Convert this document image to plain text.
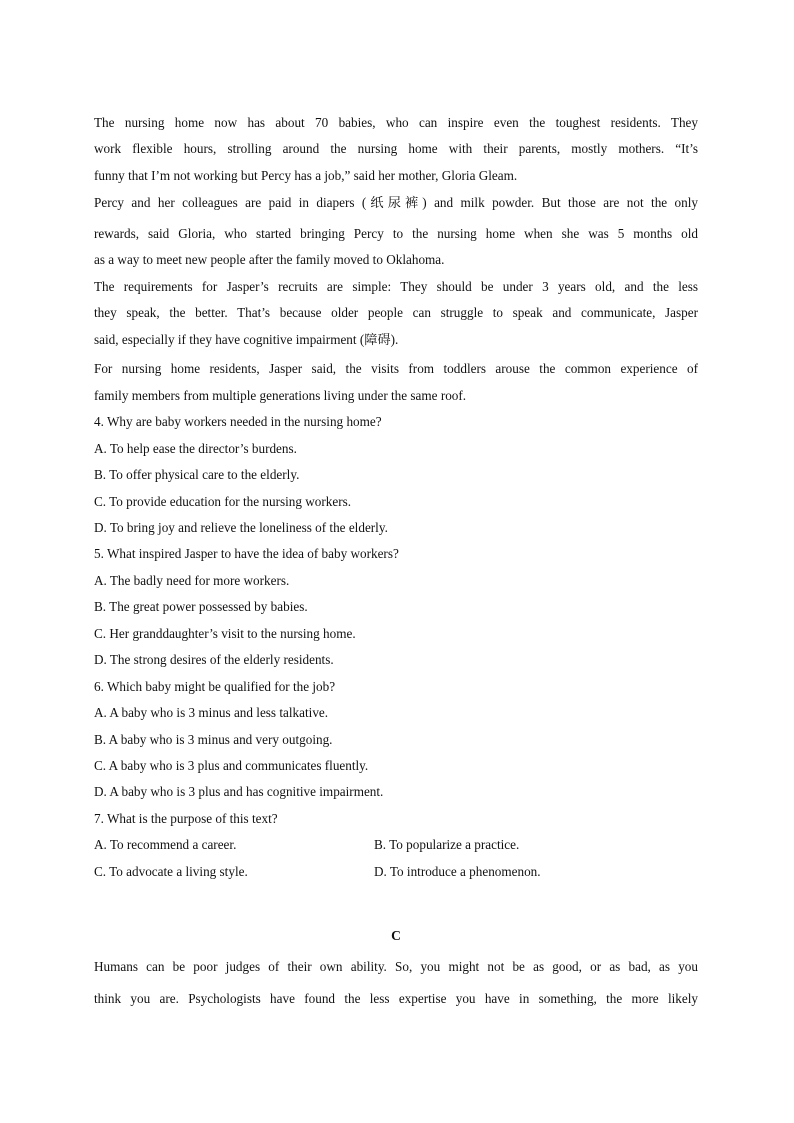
The nursing home now has about 70 babies, who can inspire even the toughest residents. They
work flexible hours, strolling around the nursing home with their parents, mostly mothers. “It’s
funny that I’m not working but Percy has a job,” said her mother, Gloria Gleam.
Percy and her colleagues are paid in diapers (纸尿裤) and milk powder. But those are not the only
rewards, said Gloria, who started bringing Percy to the nursing home when she was 5 months old
as a way to meet new people after the family moved to Oklahoma.
The requirements for Jasper’s recruits are simple: They should be under 3 years old, and the less
they speak, the better. That’s because older people can struggle to speak and communicate, Jasper
said, especially if they have cognitive impairment (障碍).
For nursing home residents, Jasper said, the visits from toddlers arouse the common experience of
family members from multiple generations living under the same roof.
4. Why are baby workers needed in the nursing home?
A. To help ease the director’s burdens.
B. To offer physical care to the elderly.
C. To provide education for the nursing workers.
D. To bring joy and relieve the loneliness of the elderly.
5. What inspired Jasper to have the idea of baby workers?
A. The badly need for more workers.
B. The great power possessed by babies.
C. Her granddaughter’s visit to the nursing home.
D. The strong desires of the elderly residents.
6. Which baby might be qualified for the job?
A. A baby who is 3 minus and less talkative.
B. A baby who is 3 minus and very outgoing.
C. A baby who is 3 plus and communicates fluently.
D. A baby who is 3 plus and has cognitive impairment.
7. What is the purpose of this text?
A. To recommend a career.	B. To popularize a practice.
C. To advocate a living style.	D. To introduce a phenomenon.
C
Humans can be poor judges of their own ability. So, you might not be as good, or as bad, as you
think you are. Psychologists have found the less expertise you have in something, the more likely
